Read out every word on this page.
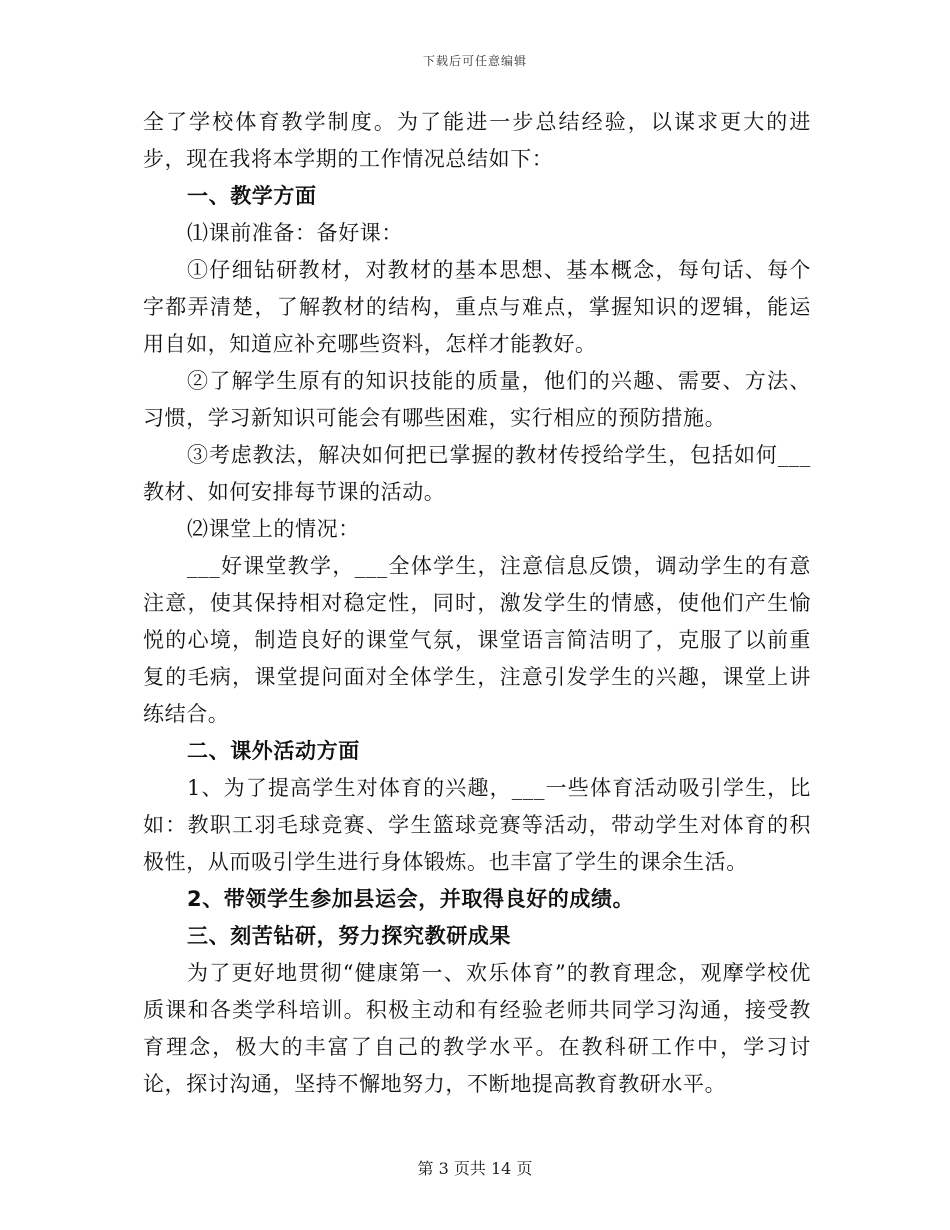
下载后可任意编辑

全了学校体育教学制度。为了能进一步总结经验，以谋求更大的进步，现在我将本学期的工作情况总结如下：

一、教学方面

⑴课前准备：备好课：

①仔细钻研教材，对教材的基本思想、基本概念，每句话、每个字都弄清楚，了解教材的结构，重点与难点，掌握知识的逻辑，能运用自如，知道应补充哪些资料，怎样才能教好。

②了解学生原有的知识技能的质量，他们的兴趣、需要、方法、习惯，学习新知识可能会有哪些困难，实行相应的预防措施。

③考虑教法，解决如何把已掌握的教材传授给学生，包括如何___教材、如何安排每节课的活动。

⑵课堂上的情况：

___好课堂教学，___全体学生，注意信息反馈，调动学生的有意注意，使其保持相对稳定性，同时，激发学生的情感，使他们产生愉悦的心境，制造良好的课堂气氛，课堂语言简洁明了，克服了以前重复的毛病，课堂提问面对全体学生，注意引发学生的兴趣，课堂上讲练结合。

二、课外活动方面

1、为了提高学生对体育的兴趣，___一些体育活动吸引学生，比如：教职工羽毛球竞赛、学生篮球竞赛等活动，带动学生对体育的积极性，从而吸引学生进行身体锻炼。也丰富了学生的课余生活。

2、带领学生参加县运会，并取得良好的成绩。

三、刻苦钻研，努力探究教研成果

为了更好地贯彻“健康第一、欢乐体育”的教育理念，观摩学校优质课和各类学科培训。积极主动和有经验老师共同学习沟通，接受教育理念，极大的丰富了自己的教学水平。在教科研工作中，学习讨论，探讨沟通，坚持不懈地努力，不断地提高教育教研水平。

第 3 页共 14 页
